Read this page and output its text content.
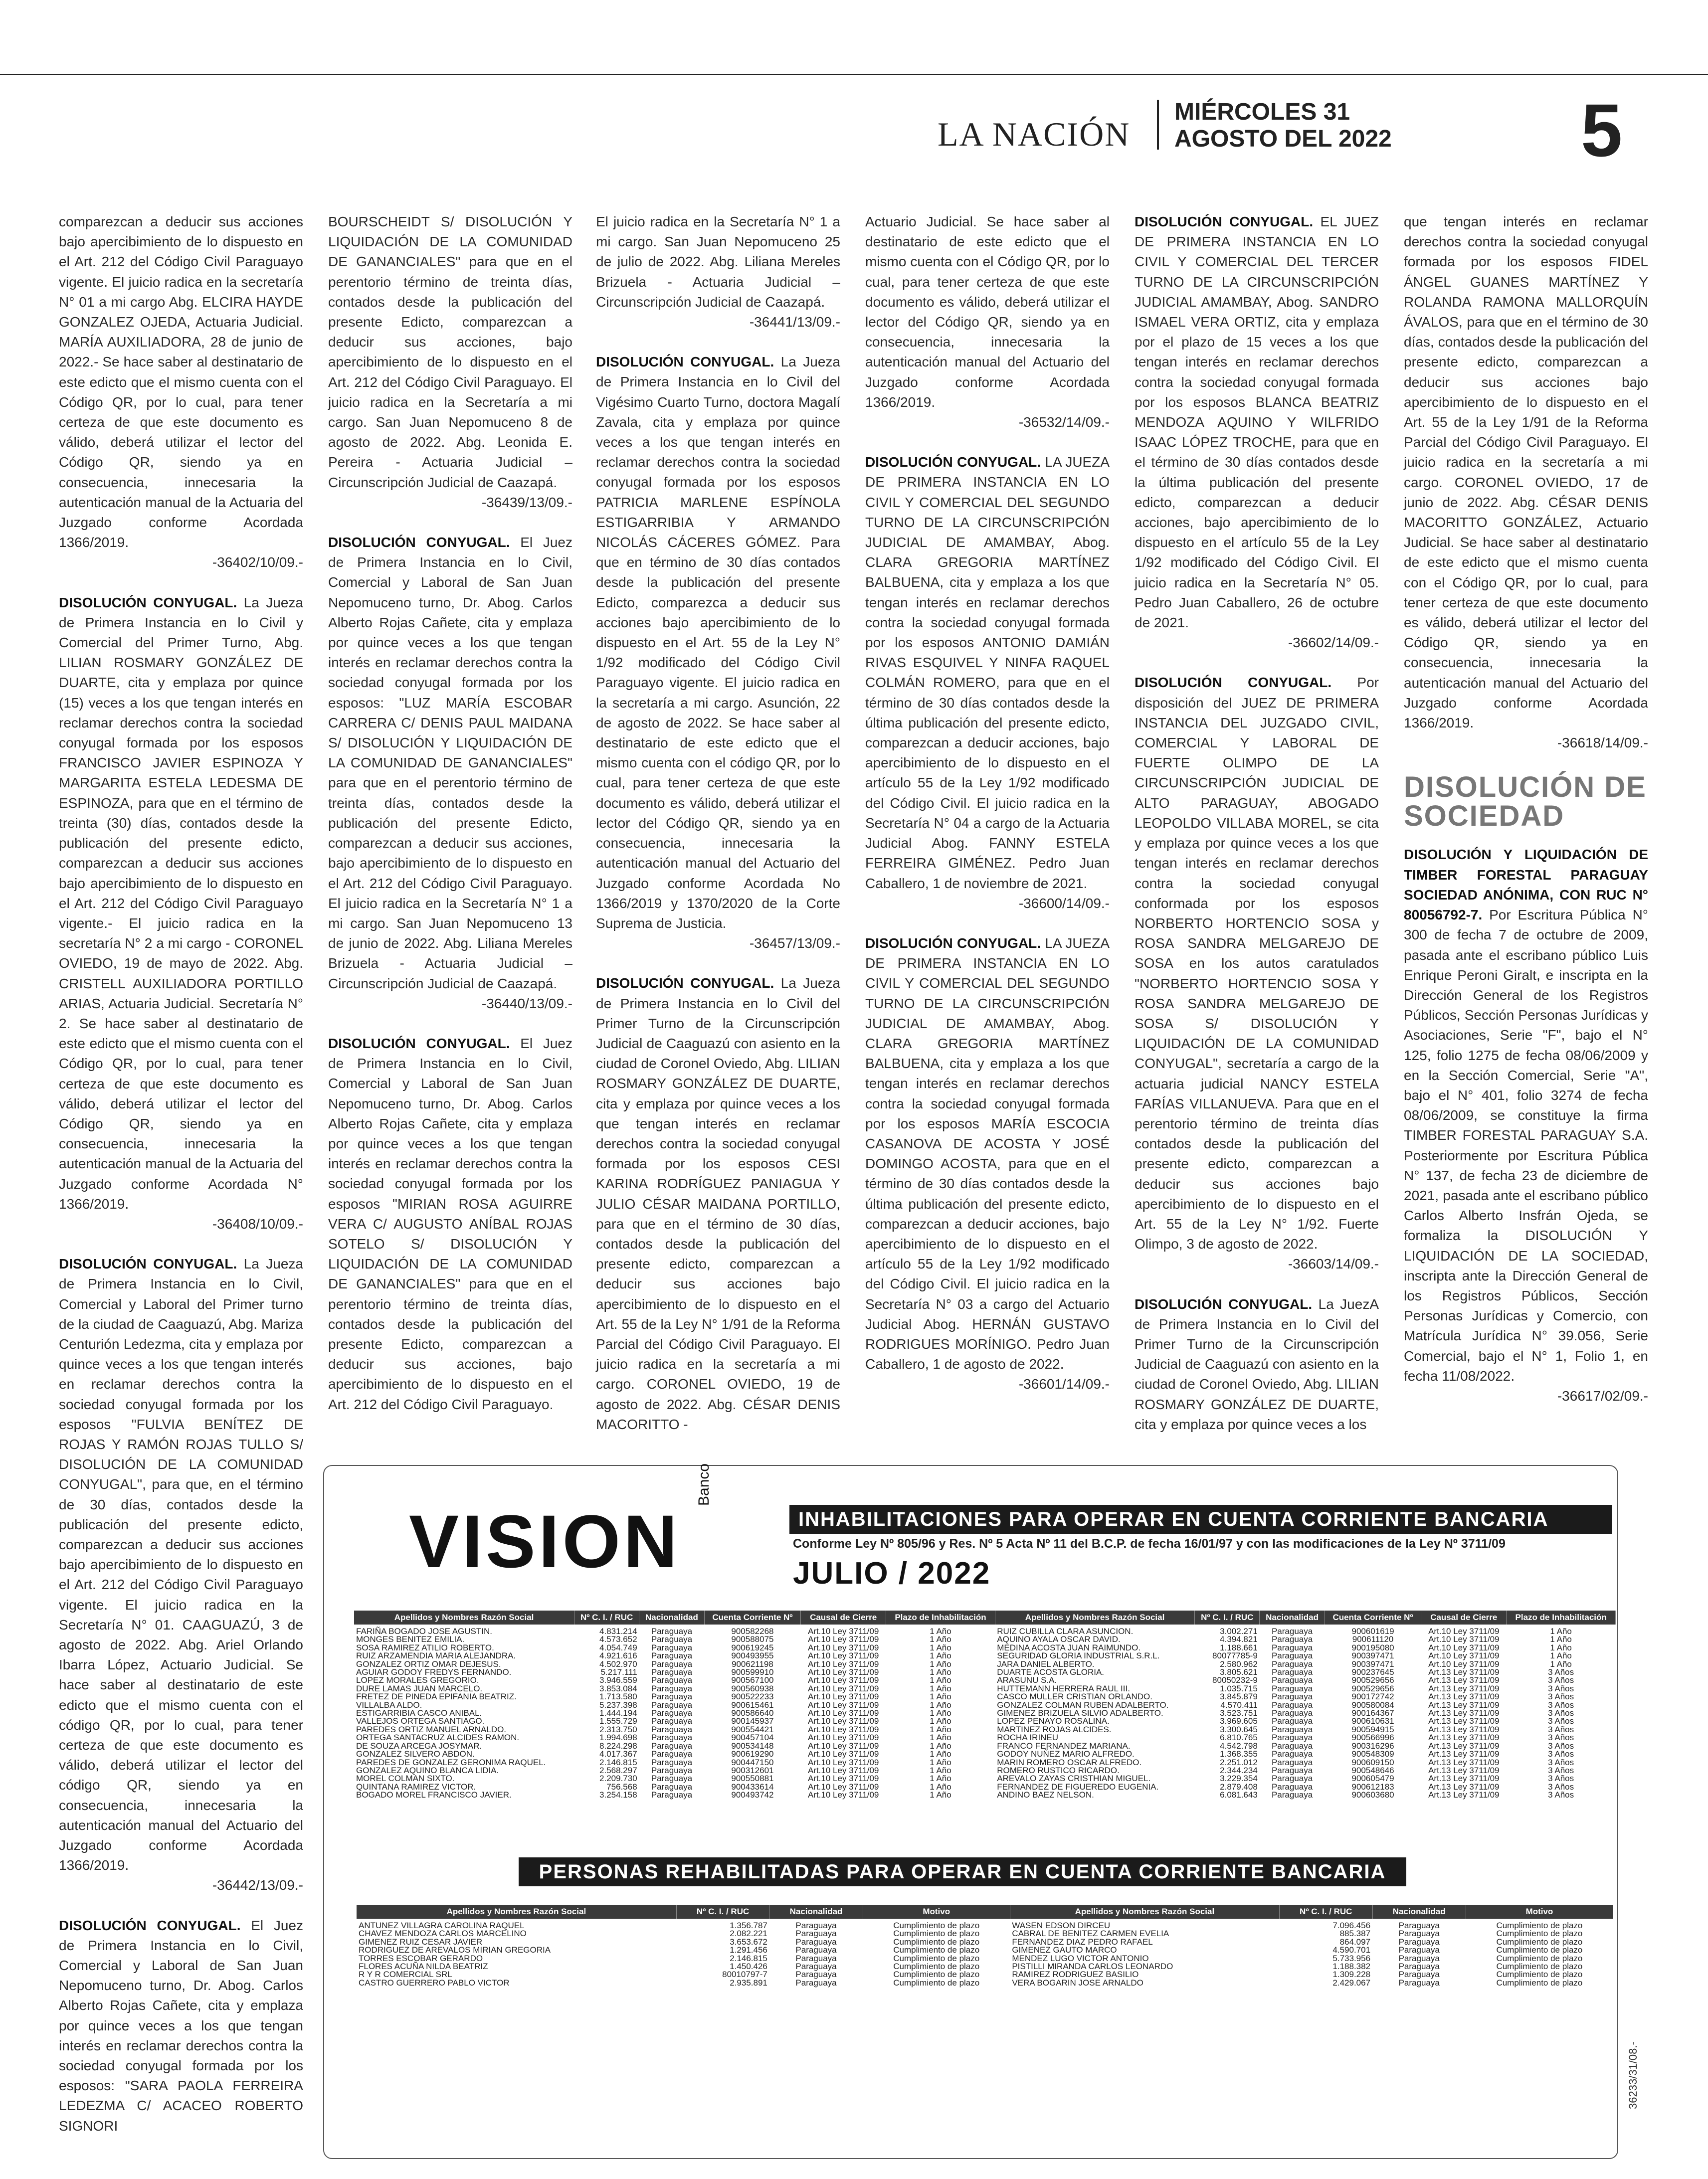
LA NACIÓN
MIÉRCOLES 31
AGOSTO DEL 2022	5

comparezcan a deducir sus acciones bajo apercibimiento de lo dispuesto en el Art. 212 del Código Civil Paraguayo vigente. El juicio radica en la secretaría N° 01 a mi cargo Abg. ELCIRA HAYDE GONZALEZ OJEDA, Actuaria Judicial. MARÍA AUXILIADORA, 28 de junio de 2022.- Se hace saber al destinatario de este edicto que el mismo cuenta con el Código QR, por lo cual, para tener certeza de que este documento es válido, deberá utilizar el lector del Código QR, siendo ya en consecuencia, innecesaria la autenticación manual de la Actuaria del Juzgado conforme Acordada 1366/2019.
-36402/10/09.-

DISOLUCIÓN CONYUGAL. La Jueza de Primera Instancia en lo Civil y Comercial del Primer Turno, Abg. LILIAN ROSMARY GONZÁLEZ DE DUARTE, cita y emplaza por quince (15) veces a los que tengan interés en reclamar derechos contra la sociedad conyugal formada por los esposos FRANCISCO JAVIER ESPINOZA Y MARGARITA ESTELA LEDESMA DE ESPINOZA, para que en el término de treinta (30) días, contados desde la publicación del presente edicto, comparezcan a deducir sus acciones bajo apercibimiento de lo dispuesto en el Art. 212 del Código Civil Paraguayo vigente.- El juicio radica en la secretaría N° 2 a mi cargo - CORONEL OVIEDO, 19 de mayo de 2022. Abg. CRISTELL AUXILIADORA PORTILLO ARIAS, Actuaria Judicial. Secretaría N° 2. Se hace saber al destinatario de este edicto que el mismo cuenta con el Código QR, por lo cual, para tener certeza de que este documento es válido, deberá utilizar el lector del Código QR, siendo ya en consecuencia, innecesaria la autenticación manual de la Actuaria del Juzgado conforme Acordada N° 1366/2019.
-36408/10/09.-

DISOLUCIÓN CONYUGAL. La Jueza de Primera Instancia en lo Civil, Comercial y Laboral del Primer turno de la ciudad de Caaguazú, Abg. Mariza Centurión Ledezma, cita y emplaza por quince veces a los que tengan interés en reclamar derechos contra la sociedad conyugal formada por los esposos "FULVIA BENÍTEZ DE ROJAS Y RAMÓN ROJAS TULLO S/ DISOLUCIÓN DE LA COMUNIDAD CONYUGAL", para que, en el término de 30 días, contados desde la publicación del presente edicto, comparezcan a deducir sus acciones bajo apercibimiento de lo dispuesto en el Art. 212 del Código Civil Paraguayo vigente. El juicio radica en la Secretaría N° 01. CAAGUAZÚ, 3 de agosto de 2022. Abg. Ariel Orlando Ibarra López, Actuario Judicial. Se hace saber al destinatario de este edicto que el mismo cuenta con el código QR, por lo cual, para tener certeza de que este documento es válido, deberá utilizar el lector del código QR, siendo ya en consecuencia, innecesaria la autenticación manual del Actuario del Juzgado conforme Acordada 1366/2019.
-36442/13/09.-

DISOLUCIÓN CONYUGAL. El Juez de Primera Instancia en lo Civil, Comercial y Laboral de San Juan Nepomuceno turno, Dr. Abog. Carlos Alberto Rojas Cañete, cita y emplaza por quince veces a los que tengan interés en reclamar derechos contra la sociedad conyugal formada por los esposos: "SARA PAOLA FERREIRA LEDEZMA C/ ACACEO ROBERTO SIGNORI

BOURSCHEIDT S/ DISOLUCIÓN Y LIQUIDACIÓN DE LA COMUNIDAD DE GANANCIALES" para que en el perentorio término de treinta días, contados desde la publicación del presente Edicto, comparezcan a deducir sus acciones, bajo apercibimiento de lo dispuesto en el Art. 212 del Código Civil Paraguayo. El juicio radica en la Secretaría a mi cargo. San Juan Nepomuceno 8 de agosto de 2022. Abg. Leonida E. Pereira - Actuaria Judicial – Circunscripción Judicial de Caazapá.
-36439/13/09.-

DISOLUCIÓN CONYUGAL. El Juez de Primera Instancia en lo Civil, Comercial y Laboral de San Juan Nepomuceno turno, Dr. Abog. Carlos Alberto Rojas Cañete, cita y emplaza por quince veces a los que tengan interés en reclamar derechos contra la sociedad conyugal formada por los esposos: "LUZ MARÍA ESCOBAR CARRERA C/ DENIS PAUL MAIDANA S/ DISOLUCIÓN Y LIQUIDACIÓN DE LA COMUNIDAD DE GANANCIALES" para que en el perentorio término de treinta días, contados desde la publicación del presente Edicto, comparezcan a deducir sus acciones, bajo apercibimiento de lo dispuesto en el Art. 212 del Código Civil Paraguayo. El juicio radica en la Secretaría N° 1 a mi cargo. San Juan Nepomuceno 13 de junio de 2022. Abg. Liliana Mereles Brizuela - Actuaria Judicial – Circunscripción Judicial de Caazapá.
-36440/13/09.-

DISOLUCIÓN CONYUGAL. El Juez de Primera Instancia en lo Civil, Comercial y Laboral de San Juan Nepomuceno turno, Dr. Abog. Carlos Alberto Rojas Cañete, cita y emplaza por quince veces a los que tengan interés en reclamar derechos contra la sociedad conyugal formada por los esposos "MIRIAN ROSA AGUIRRE VERA C/ AUGUSTO ANÍBAL ROJAS SOTELO S/ DISOLUCIÓN Y LIQUIDACIÓN DE LA COMUNIDAD DE GANANCIALES" para que en el perentorio término de treinta días, contados desde la publicación del presente Edicto, comparezcan a deducir sus acciones, bajo apercibimiento de lo dispuesto en el Art. 212 del Código Civil Paraguayo.

El juicio radica en la Secretaría N° 1 a mi cargo. San Juan Nepomuceno 25 de julio de 2022. Abg. Liliana Mereles Brizuela - Actuaria Judicial – Circunscripción Judicial de Caazapá.
-36441/13/09.-

DISOLUCIÓN CONYUGAL. La Jueza de Primera Instancia en lo Civil del Vigésimo Cuarto Turno, doctora Magalí Zavala, cita y emplaza por quince veces a los que tengan interés en reclamar derechos contra la sociedad conyugal formada por los esposos PATRICIA MARLENE ESPÍNOLA ESTIGARRIBIA Y ARMANDO NICOLÁS CÁCERES GÓMEZ. Para que en término de 30 días contados desde la publicación del presente Edicto, comparezca a deducir sus acciones bajo apercibimiento de lo dispuesto en el Art. 55 de la Ley N° 1/92 modificado del Código Civil Paraguayo vigente. El juicio radica en la secretaría a mi cargo. Asunción, 22 de agosto de 2022. Se hace saber al destinatario de este edicto que el mismo cuenta con el código QR, por lo cual, para tener certeza de que este documento es válido, deberá utilizar el lector del Código QR, siendo ya en consecuencia, innecesaria la autenticación manual del Actuario del Juzgado conforme Acordada No 1366/2019 y 1370/2020 de la Corte Suprema de Justicia.
-36457/13/09.-

DISOLUCIÓN CONYUGAL. La Jueza de Primera Instancia en lo Civil del Primer Turno de la Circunscripción Judicial de Caaguazú con asiento en la ciudad de Coronel Oviedo, Abg. LILIAN ROSMARY GONZÁLEZ DE DUARTE, cita y emplaza por quince veces a los que tengan interés en reclamar derechos contra la sociedad conyugal formada por los esposos CESI KARINA RODRÍGUEZ PANIAGUA Y JULIO CÉSAR MAIDANA PORTILLO, para que en el término de 30 días, contados desde la publicación del presente edicto, comparezcan a deducir sus acciones bajo apercibimiento de lo dispuesto en el Art. 55 de la Ley N° 1/91 de la Reforma Parcial del Código Civil Paraguayo. El juicio radica en la secretaría a mi cargo. CORONEL OVIEDO, 19 de agosto de 2022. Abg. CÉSAR DENIS MACORITTO -

Actuario Judicial. Se hace saber al destinatario de este edicto que el mismo cuenta con el Código QR, por lo cual, para tener certeza de que este documento es válido, deberá utilizar el lector del Código QR, siendo ya en consecuencia, innecesaria la autenticación manual del Actuario del Juzgado conforme Acordada 1366/2019.
-36532/14/09.-

DISOLUCIÓN CONYUGAL. LA JUEZA DE PRIMERA INSTANCIA EN LO CIVIL Y COMERCIAL DEL SEGUNDO TURNO DE LA CIRCUNSCRIPCIÓN JUDICIAL DE AMAMBAY, Abog. CLARA GREGORIA MARTÍNEZ BALBUENA, cita y emplaza a los que tengan interés en reclamar derechos contra la sociedad conyugal formada por los esposos ANTONIO DAMIÁN RIVAS ESQUIVEL Y NINFA RAQUEL COLMÁN ROMERO, para que en el término de 30 días contados desde la última publicación del presente edicto, comparezcan a deducir acciones, bajo apercibimiento de lo dispuesto en el artículo 55 de la Ley 1/92 modificado del Código Civil. El juicio radica en la Secretaría N° 04 a cargo de la Actuaria Judicial Abog. FANNY ESTELA FERREIRA GIMÉNEZ. Pedro Juan Caballero, 1 de noviembre de 2021.
-36600/14/09.-

DISOLUCIÓN CONYUGAL. LA JUEZA DE PRIMERA INSTANCIA EN LO CIVIL Y COMERCIAL DEL SEGUNDO TURNO DE LA CIRCUNSCRIPCIÓN JUDICIAL DE AMAMBAY, Abog. CLARA GREGORIA MARTÍNEZ BALBUENA, cita y emplaza a los que tengan interés en reclamar derechos contra la sociedad conyugal formada por los esposos MARÍA ESCOCIA CASANOVA DE ACOSTA Y JOSÉ DOMINGO ACOSTA, para que en el término de 30 días contados desde la última publicación del presente edicto, comparezcan a deducir acciones, bajo apercibimiento de lo dispuesto en el artículo 55 de la Ley 1/92 modificado del Código Civil. El juicio radica en la Secretaría N° 03 a cargo del Actuario Judicial Abog. HERNÁN GUSTAVO RODRIGUES MORÍNIGO. Pedro Juan Caballero, 1 de agosto de 2022.
-36601/14/09.-

DISOLUCIÓN CONYUGAL. EL JUEZ DE PRIMERA INSTANCIA EN LO CIVIL Y COMERCIAL DEL TERCER TURNO DE LA CIRCUNSCRIPCIÓN JUDICIAL AMAMBAY, Abog. SANDRO ISMAEL VERA ORTIZ, cita y emplaza por el plazo de 15 veces a los que tengan interés en reclamar derechos contra la sociedad conyugal formada por los esposos BLANCA BEATRIZ MENDOZA AQUINO Y WILFRIDO ISAAC LÓPEZ TROCHE, para que en el término de 30 días contados desde la última publicación del presente edicto, comparezcan a deducir acciones, bajo apercibimiento de lo dispuesto en el artículo 55 de la Ley 1/92 modificado del Código Civil. El juicio radica en la Secretaría N° 05. Pedro Juan Caballero, 26 de octubre de 2021.
-36602/14/09.-

DISOLUCIÓN CONYUGAL. Por disposición del JUEZ DE PRIMERA INSTANCIA DEL JUZGADO CIVIL, COMERCIAL Y LABORAL DE FUERTE OLIMPO DE LA CIRCUNSCRIPCIÓN JUDICIAL DE ALTO PARAGUAY, ABOGADO LEOPOLDO VILLABA MOREL, se cita y emplaza por quince veces a los que tengan interés en reclamar derechos contra la sociedad conyugal conformada por los esposos NORBERTO HORTENCIO SOSA y ROSA SANDRA MELGAREJO DE SOSA en los autos caratulados "NORBERTO HORTENCIO SOSA Y ROSA SANDRA MELGAREJO DE SOSA S/ DISOLUCIÓN Y LIQUIDACIÓN DE LA COMUNIDAD CONYUGAL", secretaría a cargo de la actuaria judicial NANCY ESTELA FARÍAS VILLANUEVA. Para que en el perentorio término de treinta días contados desde la publicación del presente edicto, comparezcan a deducir sus acciones bajo apercibimiento de lo dispuesto en el Art. 55 de la Ley N° 1/92. Fuerte Olimpo, 3 de agosto de 2022.
-36603/14/09.-

DISOLUCIÓN CONYUGAL. La JuezA de Primera Instancia en lo Civil del Primer Turno de la Circunscripción Judicial de Caaguazú con asiento en la ciudad de Coronel Oviedo, Abg. LILIAN ROSMARY GONZÁLEZ DE DUARTE, cita y emplaza por quince veces a los

que tengan interés en reclamar derechos contra la sociedad conyugal formada por los esposos FIDEL ÁNGEL GUANES MARTÍNEZ Y ROLANDA RAMONA MALLORQUÍN ÁVALOS, para que en el término de 30 días, contados desde la publicación del presente edicto, comparezcan a deducir sus acciones bajo apercibimiento de lo dispuesto en el Art. 55 de la Ley 1/91 de la Reforma Parcial del Código Civil Paraguayo. El juicio radica en la secretaría a mi cargo. CORONEL OVIEDO, 17 de junio de 2022. Abg. CÉSAR DENIS MACORITTO GONZÁLEZ, Actuario Judicial. Se hace saber al destinatario de este edicto que el mismo cuenta con el Código QR, por lo cual, para tener certeza de que este documento es válido, deberá utilizar el lector del Código QR, siendo ya en consecuencia, innecesaria la autenticación manual del Actuario del Juzgado conforme Acordada 1366/2019.
-36618/14/09.-

DISOLUCIÓN DE SOCIEDAD

DISOLUCIÓN Y LIQUIDACIÓN DE TIMBER FORESTAL PARAGUAY SOCIEDAD ANÓNIMA, CON RUC N° 80056792-7. Por Escritura Pública N° 300 de fecha 7 de octubre de 2009, pasada ante el escribano público Luis Enrique Peroni Giralt, e inscripta en la Dirección General de los Registros Públicos, Sección Personas Jurídicas y Asociaciones, Serie "F", bajo el N° 125, folio 1275 de fecha 08/06/2009 y en la Sección Comercial, Serie "A", bajo el N° 401, folio 3274 de fecha 08/06/2009, se constituye la firma TIMBER FORESTAL PARAGUAY S.A. Posteriormente por Escritura Pública N° 137, de fecha 23 de diciembre de 2021, pasada ante el escribano público Carlos Alberto Insfrán Ojeda, se formaliza la DISOLUCIÓN Y LIQUIDACIÓN DE LA SOCIEDAD, inscripta ante la Dirección General de los Registros Públicos, Sección Personas Jurídicas y Comercio, con Matrícula Jurídica N° 39.056, Serie Comercial, bajo el N° 1, Folio 1, en fecha 11/08/2022.
-36617/02/09.-

VISION
Banco
INHABILITACIONES PARA OPERAR EN CUENTA CORRIENTE BANCARIA
Conforme Ley Nº 805/96 y Res. Nº 5 Acta Nº 11 del B.C.P. de fecha 16/01/97 y con las modificaciones de la Ley Nº 3711/09
JULIO / 2022
Apellidos y Nombres Razón Social	Nº C. I. / RUC	Nacionalidad	Cuenta Corriente Nº	Causal de Cierre	Plazo de Inhabilitación	Apellidos y Nombres Razón Social	Nº C. I. / RUC	Nacionalidad	Cuenta Corriente Nº	Causal de Cierre	Plazo de Inhabilitación
FARIÑA BOGADO JOSE AGUSTIN.	4.831.214	Paraguaya	900582268	Art.10 Ley 3711/09	1 Año	RUIZ CUBILLA CLARA ASUNCION.	3.002.271	Paraguaya	900601619	Art.10 Ley 3711/09	1 Año
MONGES BENITEZ EMILIA.	4.573.652	Paraguaya	900588075	Art.10 Ley 3711/09	1 Año	AQUINO AYALA OSCAR DAVID.	4.394.821	Paraguaya	900611120	Art.10 Ley 3711/09	1 Año
SOSA RAMIREZ ATILIO ROBERTO.	4.054.749	Paraguaya	900619245	Art.10 Ley 3711/09	1 Año	MEDINA ACOSTA JUAN RAIMUNDO.	1.188.661	Paraguaya	900195080	Art.10 Ley 3711/09	1 Año
RUIZ ARZAMENDIA MARIA ALEJANDRA.	4.921.616	Paraguaya	900493955	Art.10 Ley 3711/09	1 Año	SEGURIDAD GLORIA INDUSTRIAL S.R.L.	80077785-9	Paraguaya	900397471	Art.10 Ley 3711/09	1 Año
GONZALEZ ORTIZ OMAR DEJESUS.	4.502.970	Paraguaya	900621198	Art.10 Ley 3711/09	1 Año	JARA DANIEL ALBERTO.	2.580.962	Paraguaya	900397471	Art.10 Ley 3711/09	1 Año
AGUIAR GODOY FREDYS FERNANDO.	5.217.111	Paraguaya	900599910	Art.10 Ley 3711/09	1 Año	DUARTE ACOSTA GLORIA.	3.805.621	Paraguaya	900237645	Art.13 Ley 3711/09	3 Años
LOPEZ MORALES GREGORIO.	3.946.559	Paraguaya	900567100	Art.10 Ley 3711/09	1 Año	ARASUNU S.A.	80050232-9	Paraguaya	900529656	Art.13 Ley 3711/09	3 Años
DURE LAMAS JUAN MARCELO.	3.853.084	Paraguaya	900560938	Art.10 Ley 3711/09	1 Año	HUTTEMANN HERRERA RAUL III.	1.035.715	Paraguaya	900529656	Art.13 Ley 3711/09	3 Años
FRETEZ DE PINEDA EPIFANIA BEATRIZ.	1.713.580	Paraguaya	900522233	Art.10 Ley 3711/09	1 Año	CASCO MULLER CRISTIAN ORLANDO.	3.845.879	Paraguaya	900172742	Art.13 Ley 3711/09	3 Años
VILLALBA ALDO.	5.237.398	Paraguaya	900615461	Art.10 Ley 3711/09	1 Año	GONZALEZ COLMAN RUBEN ADALBERTO.	4.570.411	Paraguaya	900580084	Art.13 Ley 3711/09	3 Años
ESTIGARRIBIA CASCO ANIBAL.	1.444.194	Paraguaya	900586640	Art.10 Ley 3711/09	1 Año	GIMENEZ BRIZUELA SILVIO ADALBERTO.	3.523.751	Paraguaya	900164367	Art.13 Ley 3711/09	3 Años
VALLEJOS ORTEGA SANTIAGO.	1.555.729	Paraguaya	900145937	Art.10 Ley 3711/09	1 Año	LOPEZ PENAYO ROSALINA.	3.969.605	Paraguaya	900610631	Art.13 Ley 3711/09	3 Años
PAREDES ORTIZ MANUEL ARNALDO.	2.313.750	Paraguaya	900554421	Art.10 Ley 3711/09	1 Año	MARTINEZ ROJAS ALCIDES.	3.300.645	Paraguaya	900594915	Art.13 Ley 3711/09	3 Años
ORTEGA SANTACRUZ ALCIDES RAMON.	1.994.698	Paraguaya	900457104	Art.10 Ley 3711/09	1 Año	ROCHA IRINEU	6.810.765	Paraguaya	900566996	Art.13 Ley 3711/09	3 Años
DE SOUZA ARCEGA JOSYMAR.	8.224.298	Paraguaya	900534148	Art.10 Ley 3711/09	1 Año	FRANCO FERNANDEZ MARIANA.	4.542.798	Paraguaya	900316296	Art.13 Ley 3711/09	3 Años
GONZALEZ SILVERO ABDON.	4.017.367	Paraguaya	900619290	Art.10 Ley 3711/09	1 Año	GODOY NUÑEZ MARIO ALFREDO.	1.368.355	Paraguaya	900548309	Art.13 Ley 3711/09	3 Años
PAREDES DE GONZALEZ GERONIMA RAQUEL.	2.146.815	Paraguaya	900447150	Art.10 Ley 3711/09	1 Año	MARIN ROMERO OSCAR ALFREDO.	2.251.012	Paraguaya	900609150	Art.13 Ley 3711/09	3 Años
GONZALEZ AQUINO BLANCA LIDIA.	2.568.297	Paraguaya	900312601	Art.10 Ley 3711/09	1 Año	ROMERO RUSTICO RICARDO.	2.344.234	Paraguaya	900548646	Art.13 Ley 3711/09	3 Años
MOREL COLMAN SIXTO.	2.209.730	Paraguaya	900550881	Art.10 Ley 3711/09	1 Año	AREVALO ZAYAS CRISTHIAN MIGUEL.	3.229.354	Paraguaya	900605479	Art.13 Ley 3711/09	3 Años
QUINTANA RAMIREZ VICTOR.	756.568	Paraguaya	900433614	Art.10 Ley 3711/09	1 Año	FERNANDEZ DE FIGUEREDO EUGENIA.	2.879.408	Paraguaya	900612183	Art.13 Ley 3711/09	3 Años
BOGADO MOREL FRANCISCO JAVIER.	3.254.158	Paraguaya	900493742	Art.10 Ley 3711/09	1 Año	ANDINO BAEZ NELSON.	6.081.643	Paraguaya	900603680	Art.13 Ley 3711/09	3 Años
PERSONAS REHABILITADAS PARA OPERAR EN CUENTA CORRIENTE BANCARIA
Apellidos y Nombres Razón Social	Nº C. I. / RUC	Nacionalidad	Motivo	Apellidos y Nombres Razón Social	Nº C. I. / RUC	Nacionalidad	Motivo
ANTUNEZ VILLAGRA CAROLINA RAQUEL	1.356.787	Paraguaya	Cumplimiento de plazo	WASEN EDSON DIRCEU	7.096.456	Paraguaya	Cumplimiento de plazo
CHAVEZ MENDOZA CARLOS MARCELINO	2.082.221	Paraguaya	Cumplimiento de plazo	CABRAL DE BENITEZ CARMEN EVELIA	885.387	Paraguaya	Cumplimiento de plazo
GIMENEZ RUIZ CESAR JAVIER	3.653.672	Paraguaya	Cumplimiento de plazo	FERNANDEZ DIAZ PEDRO RAFAEL	864.097	Paraguaya	Cumplimiento de plazo
RODRIGUEZ DE AREVALOS MIRIAN GREGORIA	1.291.456	Paraguaya	Cumplimiento de plazo	GIMENEZ GAUTO MARCO	4.590.701	Paraguaya	Cumplimiento de plazo
TORRES ESCOBAR GERARDO	2.146.815	Paraguaya	Cumplimiento de plazo	MENDEZ LUGO VICTOR ANTONIO	5.733.956	Paraguaya	Cumplimiento de plazo
FLORES ACUÑA NILDA BEATRIZ	1.450.426	Paraguaya	Cumplimiento de plazo	PISTILLI MIRANDA CARLOS LEONARDO	1.188.382	Paraguaya	Cumplimiento de plazo
R Y R COMERCIAL SRL	80010797-7	Paraguaya	Cumplimiento de plazo	RAMIREZ RODRIGUEZ BASILIO	1.309.228	Paraguaya	Cumplimiento de plazo
CASTRO GUERRERO PABLO VICTOR	2.935.891	Paraguaya	Cumplimiento de plazo	VERA BOGARIN JOSE ARNALDO	2.429.067	Paraguaya	Cumplimiento de plazo
36233/31/08.-
